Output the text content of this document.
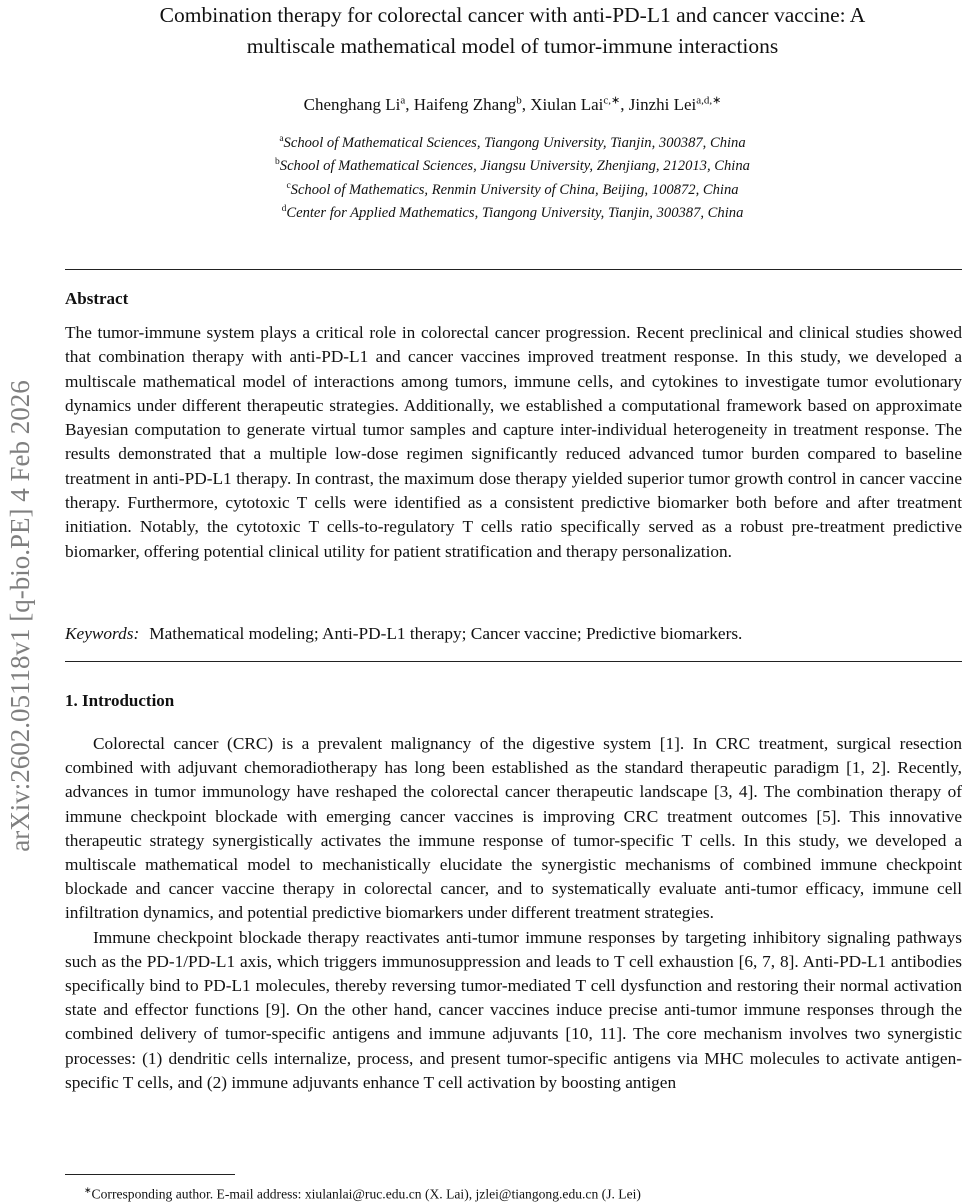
arXiv:2602.05118v1 [q-bio.PE] 4 Feb 2026
Combination therapy for colorectal cancer with anti-PD-L1 and cancer vaccine: A
multiscale mathematical model of tumor-immune interactions
Chenghang Li$^a$, Haifeng Zhang$^b$, Xiulan Lai$^{c,∗}$, Jinzhi Lei$^{a,d,∗}$
$^a$School of Mathematical Sciences, Tiangong University, Tianjin, 300387, China
$^b$School of Mathematical Sciences, Jiangsu University, Zhenjiang, 212013, China
$^c$School of Mathematics, Renmin University of China, Beijing, 100872, China
$^d$Center for Applied Mathematics, Tiangong University, Tianjin, 300387, China
Abstract
The tumor-immune system plays a critical role in colorectal cancer progression. Recent preclinical and clinical studies showed that combination therapy with anti-PD-L1 and cancer vaccines improved treatment response. In this study, we developed a multiscale mathematical model of interactions among tumors, immune cells, and cytokines to investigate tumor evolutionary dynamics under different therapeutic strategies. Additionally, we established a computational framework based on approximate Bayesian computation to generate virtual tumor samples and capture inter-individual heterogeneity in treatment response. The results demonstrated that a multiple low-dose regimen significantly reduced advanced tumor burden compared to baseline treatment in anti-PD-L1 therapy. In contrast, the maximum dose therapy yielded superior tumor growth control in cancer vaccine therapy. Furthermore, cytotoxic T cells were identified as a consistent predictive biomarker both before and after treatment initiation. Notably, the cytotoxic T cells-to-regulatory T cells ratio specifically served as a robust pre-treatment predictive biomarker, offering potential clinical utility for patient stratification and therapy personalization.
Keywords: Mathematical modeling; Anti-PD-L1 therapy; Cancer vaccine; Predictive biomarkers.
1. Introduction

Colorectal cancer (CRC) is a prevalent malignancy of the digestive system [1]. In CRC treatment, surgical resection combined with adjuvant chemoradiotherapy has long been established as the standard therapeutic paradigm [1, 2]. Recently, advances in tumor immunology have reshaped the colorectal cancer therapeutic landscape [3, 4]. The combination therapy of immune checkpoint blockade with emerging cancer vaccines is improving CRC treatment outcomes [5]. This innovative therapeutic strategy synergistically activates the immune response of tumor-specific T cells. In this study, we developed a multiscale mathematical model to mechanistically elucidate the synergistic mechanisms of combined immune checkpoint blockade and cancer vaccine therapy in colorectal cancer, and to systematically evaluate anti-tumor efficacy, immune cell infiltration dynamics, and potential predictive biomarkers under different treatment strategies.

Immune checkpoint blockade therapy reactivates anti-tumor immune responses by targeting inhibitory signaling pathways such as the PD-1/PD-L1 axis, which triggers immunosuppression and leads to T cell exhaustion [6, 7, 8]. Anti-PD-L1 antibodies specifically bind to PD-L1 molecules, thereby reversing tumor-mediated T cell dysfunction and restoring their normal activation state and effector functions [9]. On the other hand, cancer vaccines induce precise anti-tumor immune responses through the combined delivery of tumor-specific antigens and immune adjuvants [10, 11]. The core mechanism involves two synergistic processes: (1) dendritic cells internalize, process, and present tumor-specific antigens via MHC molecules to activate antigen-specific T cells, and (2) immune adjuvants enhance T cell activation by boosting antigen

∗Corresponding author. E-mail address: xiulanlai@ruc.edu.cn (X. Lai), jzlei@tiangong.edu.cn (J. Lei)
